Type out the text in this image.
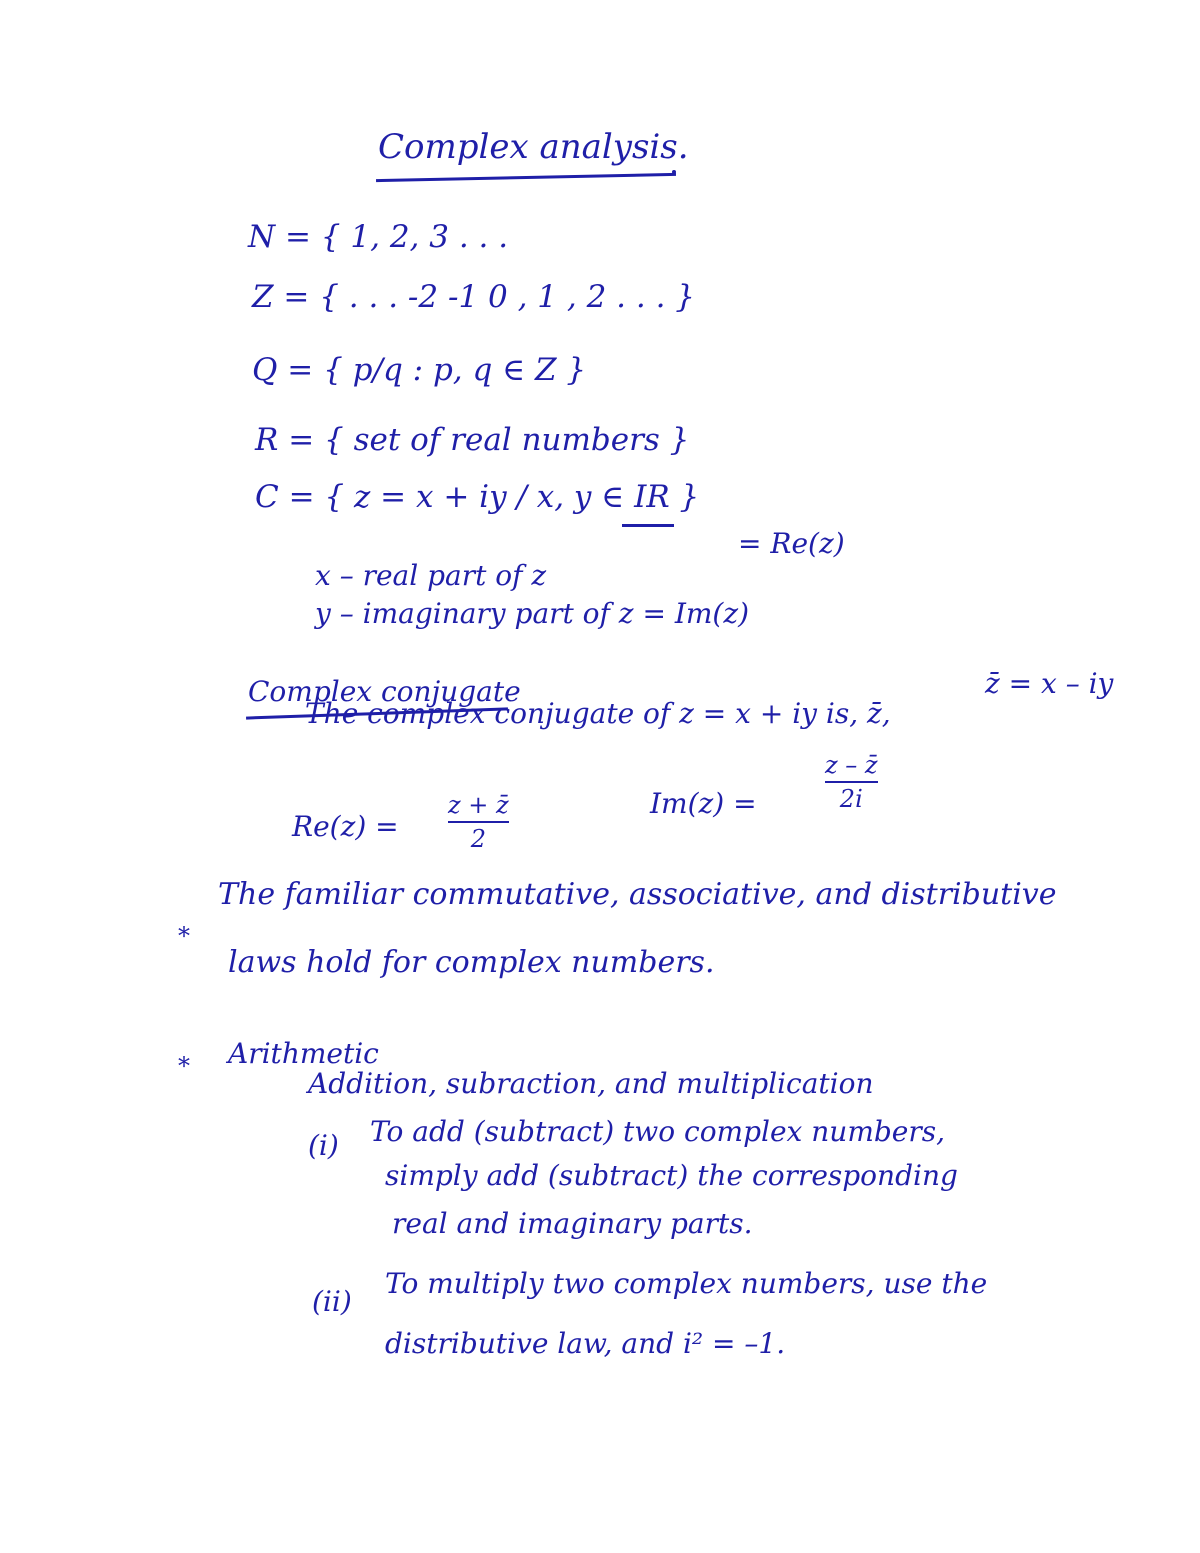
Complex analysis.
N = { 1, 2, 3 . . .
Z = { . . . -2 -1 0 , 1 , 2 . . . }
Q = { p/q : p, q ∈ Z }
R = { set of real numbers }
C = { z = x + iy / x, y ∈ IR }
= Re(z)
x – real part of z
y – imaginary part of z = Im(z)
Complex conjugate
The complex conjugate of z = x + iy is, z̄,
z̄ = x – iy
Re(z) =
z + z̄
2
Im(z) =
z – z̄
2i
*
The familiar commutative, associative, and distributive
laws hold for complex numbers.
* Arithmetic
Addition, subraction, and multiplication
(i) To add (subtract) two complex numbers,
simply add (subtract) the corresponding
real and imaginary parts.
(ii)
To multiply two complex numbers, use the
distributive law, and i² = –1.
